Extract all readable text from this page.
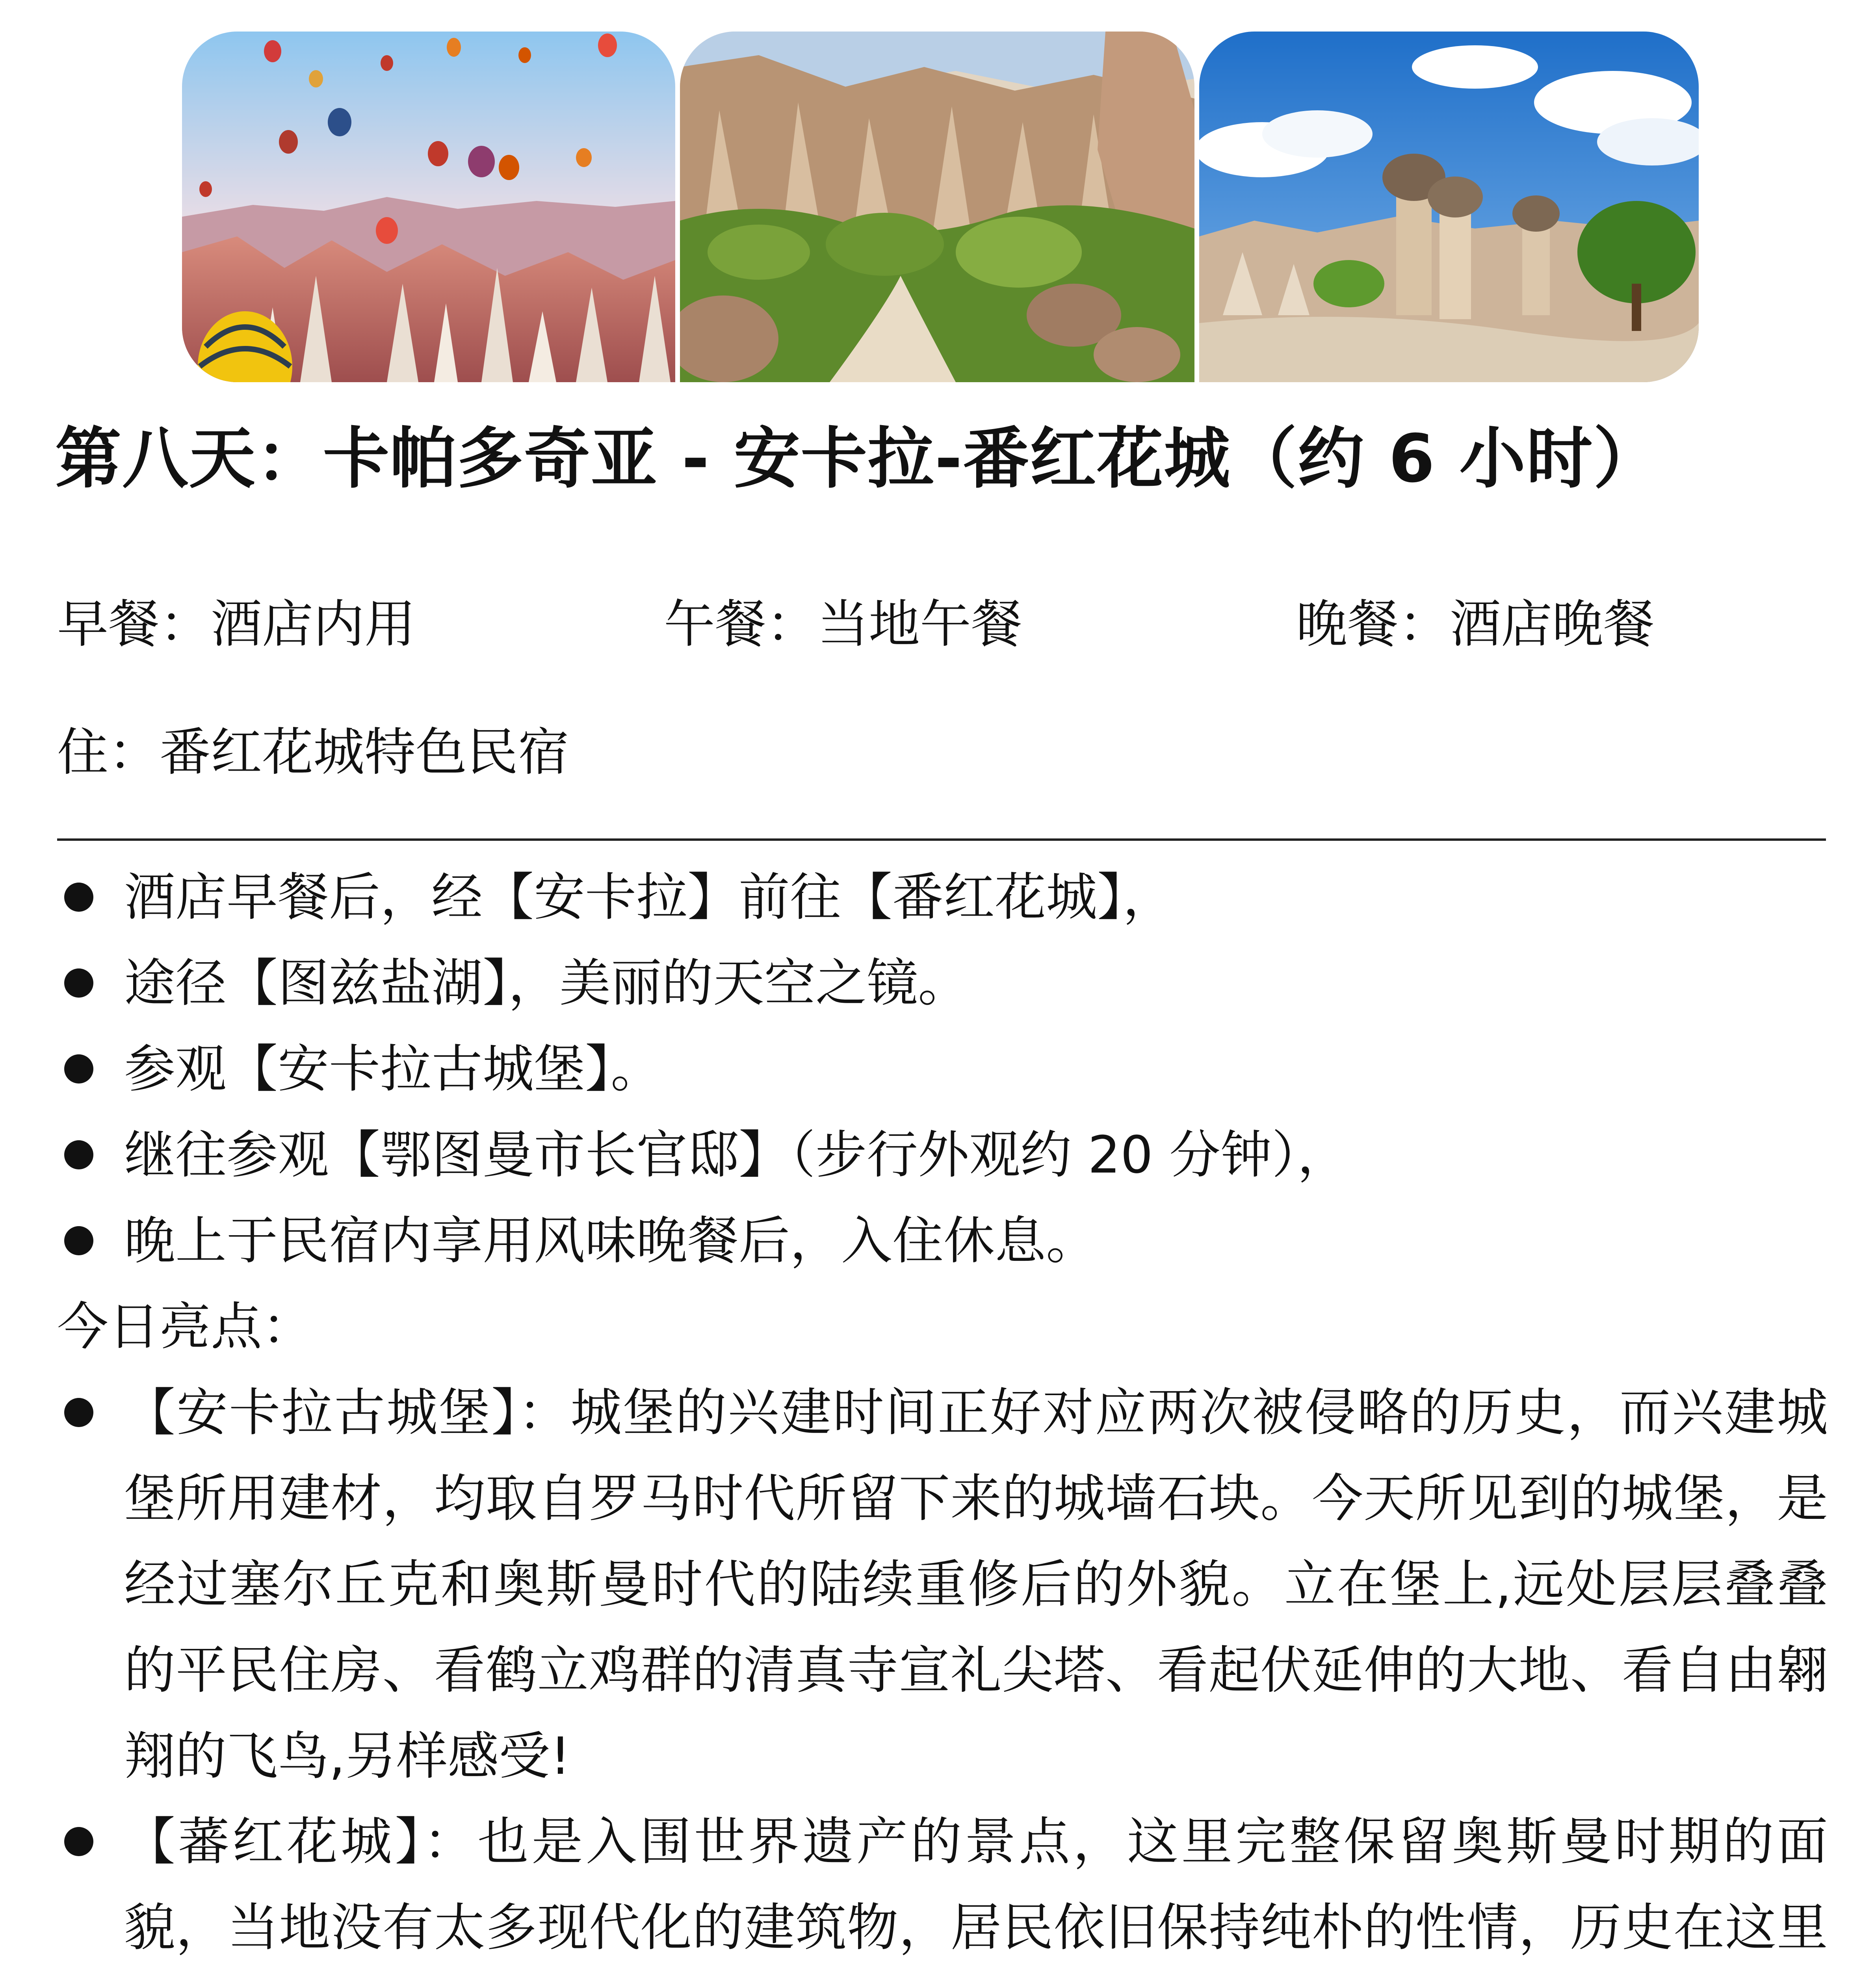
第八天：卡帕多奇亚 - 安卡拉-番红花城（约 6 小时）
早餐：酒店内用	午餐：当地午餐	晚餐：酒店晚餐
住：番红花城特色民宿
酒店早餐后，经【安卡拉】前往【番红花城】，
途径【图兹盐湖】，美丽的天空之镜。
参观【安卡拉古城堡】。
继往参观【鄂图曼市长官邸】（步行外观约 20 分钟），
晚上于民宿内享用风味晚餐后，入住休息。
今日亮点：
【安卡拉古城堡】：城堡的兴建时间正好对应两次被侵略的历史，而兴建城堡所用建材，均取自罗马时代所留下来的城墙石块。今天所见到的城堡，是经过塞尔丘克和奥斯曼时代的陆续重修后的外貌。立在堡上,远处层层叠叠的平民住房、看鹤立鸡群的清真寺宣礼尖塔、看起伏延伸的大地、看自由翱翔的飞鸟,另样感受!
【蕃红花城】：也是入围世界遗产的景点，这里完整保留奥斯曼时期的面貌，当地没有太多现代化的建筑物，居民依旧保持纯朴的性情，历史在这里
